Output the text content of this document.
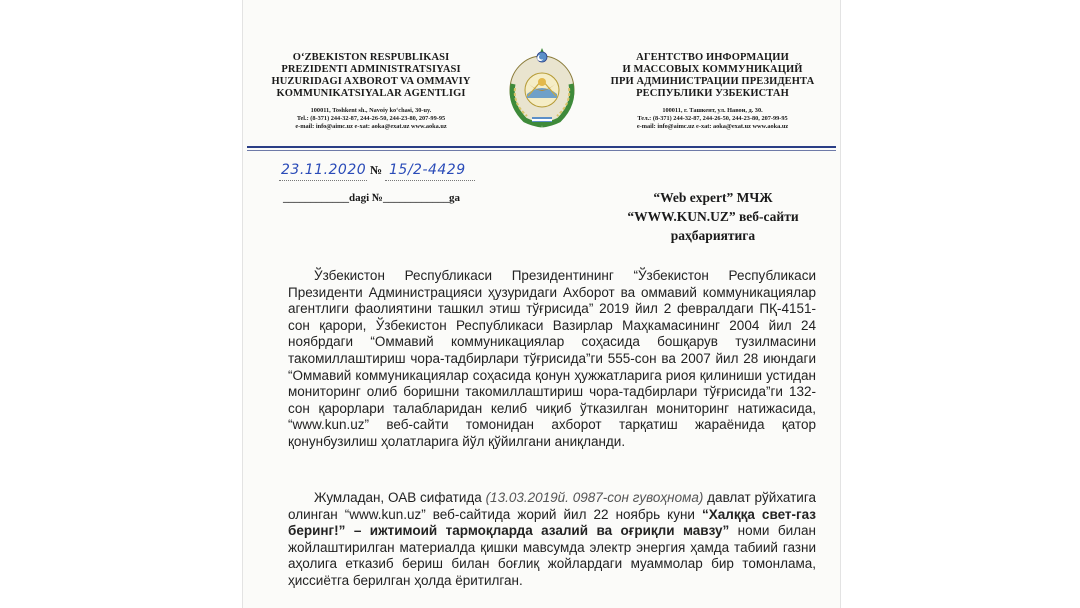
O‘ZBEKISTON RESPUBLIKASI
PREZIDENTI ADMINISTRATSIYASI
HUZURIDAGI AXBOROT VA OMMAVIY
KOMMUNIKATSIYALAR AGENTLIGI
100011, Toshkent sh., Navoiy ko‘chasi, 30-uy.
Tel.: (8-371) 244-32-87, 244-26-50, 244-23-80, 207-99-95
e-mail: info@aimc.uz e-xat: aoka@exat.uz www.aoka.uz
АГЕНТСТВО ИНФОРМАЦИИ
И МАССОВЫХ КОММУНИКАЦИЙ
ПРИ АДМИНИСТРАЦИИ ПРЕЗИДЕНТА
РЕСПУБЛИКИ УЗБЕКИСТАН
100011, г. Ташкент, ул. Навои, д. 30.
Тел.: (8-371) 244-32-87, 244-26-50, 244-23-80, 207-99-95
e-mail: info@aimc.uz e-xat: aoka@exat.uz www.aoka.uz
23.11.2020 № 15/2-4429
____________dagi №____________ga	“Web expert” МЧЖ
“WWW.KUN.UZ” веб-сайти
раҳбариятига
Ўзбекистон Республикаси Президентининг “Ўзбекистон Республикаси Президенти Администрацияси ҳузуридаги Ахборот ва оммавий коммуникациялар агентлиги фаолиятини ташкил этиш тўғрисида” 2019 йил 2 февралдаги ПҚ-4151-сон қарори, Ўзбекистон Республикаси Вазирлар Маҳкамасининг 2004 йил 24 ноябрдаги “Оммавий коммуникациялар соҳасида бошқарув тузилмасини такомиллаштириш чора-тадбирлари тўғрисида”ги 555-сон ва 2007 йил 28 июндаги “Оммавий коммуникациялар соҳасида қонун ҳужжатларига риоя қилиниши устидан мониторинг олиб боришни такомиллаштириш чора-тадбирлари тўғрисида”ги 132-сон қарорлари талабларидан келиб чиқиб ўтказилган мониторинг натижасида, “www.kun.uz” веб-сайти томонидан ахборот тарқатиш жараёнида қатор қонунбузилиш ҳолатларига йўл қўйилгани аниқланди.
Жумладан, ОАВ сифатида (13.03.2019й. 0987-сон гувоҳнома) давлат рўйхатига олинган “www.kun.uz” веб-сайтида жорий йил 22 ноябрь куни “Халққа свет-газ беринг!” – ижтимоий тармоқларда азалий ва оғриқли мавзу” номи билан жойлаштирилган материалда қишки мавсумда электр энергия ҳамда табиий газни аҳолига етказиб бериш билан боғлиқ жойлардаги муаммолар бир томонлама, ҳиссиётга берилган ҳолда ёритилган.
